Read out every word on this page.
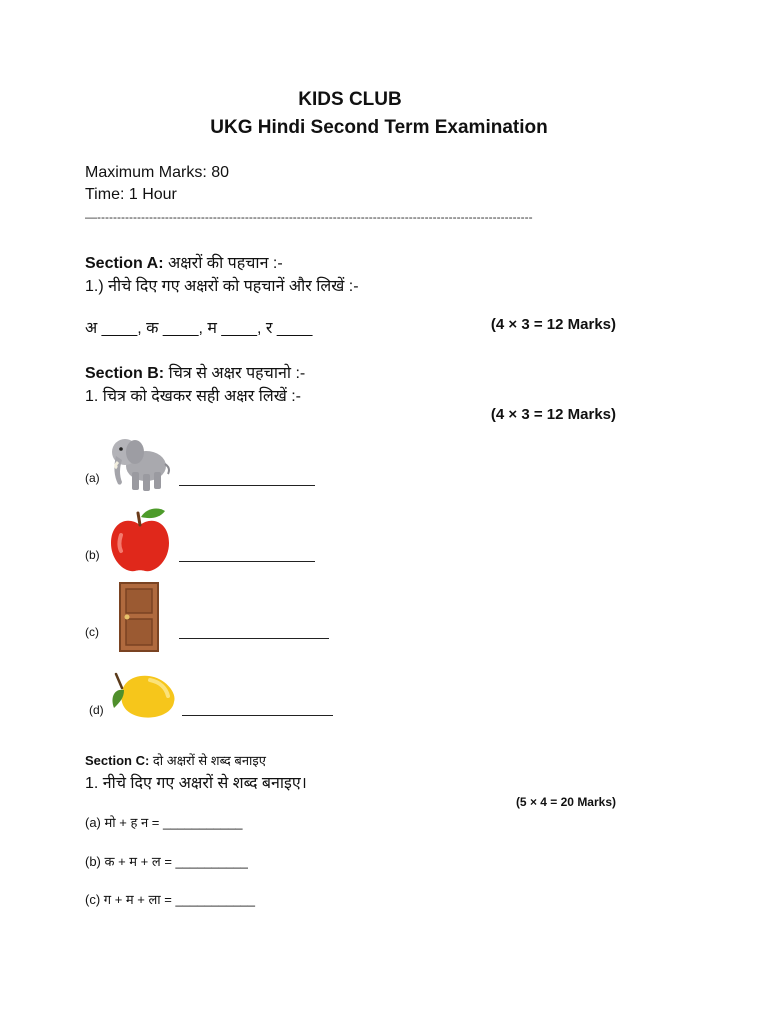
KIDS CLUB
UKG Hindi Second Term Examination
Maximum Marks: 80
Time: 1 Hour
—-------------------------------------------------------------------------------------------------------------
Section A: अक्षरों की पहचान :-
1.) नीचे दिए गए अक्षरों को पहचानें और लिखें :-
अ ____, क ____, म ____, र ____	(4 × 3 = 12 Marks)
Section B: चित्र से अक्षर पहचानो :-
1. चित्र को देखकर सही अक्षर लिखें :-
(4 × 3 = 12 Marks)
(a)
(b)
(c)
(d)
Section C: दो अक्षरों से शब्द बनाइए
1. नीचे दिए गए अक्षरों से शब्द बनाइए।
(5 × 4 = 20 Marks)
(a) मो + ह न = ___________
(b) क + म + ल = __________
(c) ग + म + ला = ___________
